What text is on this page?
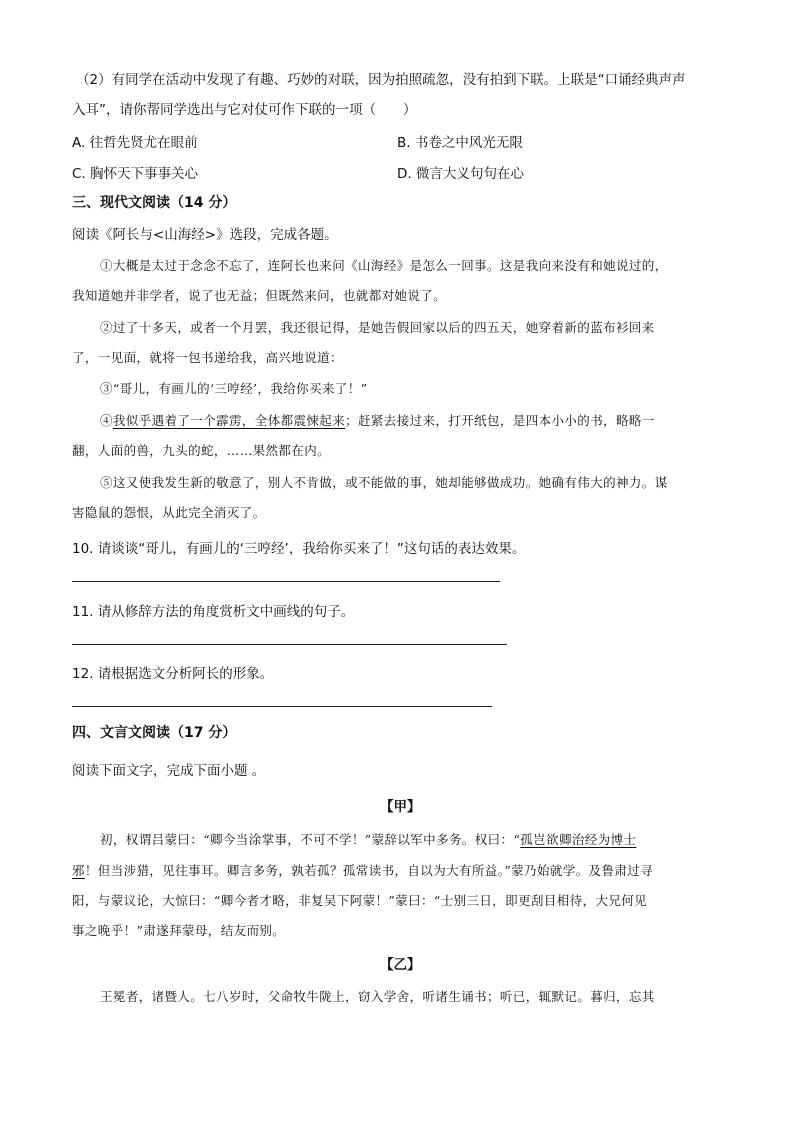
（2）有同学在活动中发现了有趣、巧妙的对联，因为拍照疏忽，没有拍到下联。上联是“口诵经典声声
入耳”，请你帮同学选出与它对仗可作下联的一项（　　）
A. 往哲先贤尤在眼前	B. 书卷之中风光无限
C. 胸怀天下事事关心	D. 微言大义句句在心
三、现代文阅读（14 分）
阅读《阿长与<山海经>》选段，完成各题。
①大概是太过于念念不忘了，连阿长也来问《山海经》是怎么一回事。这是我向来没有和她说过的，
我知道她并非学者，说了也无益；但既然来问，也就都对她说了。
②过了十多天，或者一个月罢，我还很记得，是她告假回家以后的四五天，她穿着新的蓝布衫回来
了，一见面，就将一包书递给我，高兴地说道：
③“哥儿，有画儿的‘三哼经’，我给你买来了！”
④我似乎遇着了一个霹雳，全体都震悚起来；赶紧去接过来，打开纸包，是四本小小的书，略略一
翻，人面的兽，九头的蛇，……果然都在内。
⑤这又使我发生新的敬意了，别人不肯做，或不能做的事，她却能够做成功。她确有伟大的神力。谋
害隐鼠的怨恨，从此完全消灭了。
10. 请谈谈“哥儿，有画儿的‘三哼经’，我给你买来了！”这句话的表达效果。
11. 请从修辞方法的角度赏析文中画线的句子。
12. 请根据选文分析阿长的形象。
四、文言文阅读（17 分）
阅读下面文字，完成下面小题 。
【甲】
初，权谓吕蒙曰：“卿今当涂掌事，不可不学！”蒙辞以军中多务。权曰：“孤岂欲卿治经为博士
邪！但当涉猎，见往事耳。卿言多务，孰若孤？孤常读书，自以为大有所益。”蒙乃始就学。及鲁肃过寻
阳，与蒙议论，大惊曰：“卿今者才略，非复吴下阿蒙！”蒙曰：“士别三日，即更刮目相待，大兄何见
事之晚乎！”肃遂拜蒙母，结友而别。
【乙】
王冕者，诸暨人。七八岁时，父命牧牛陇上，窃入学舍，听诸生诵书；听已，辄默记。暮归，忘其
